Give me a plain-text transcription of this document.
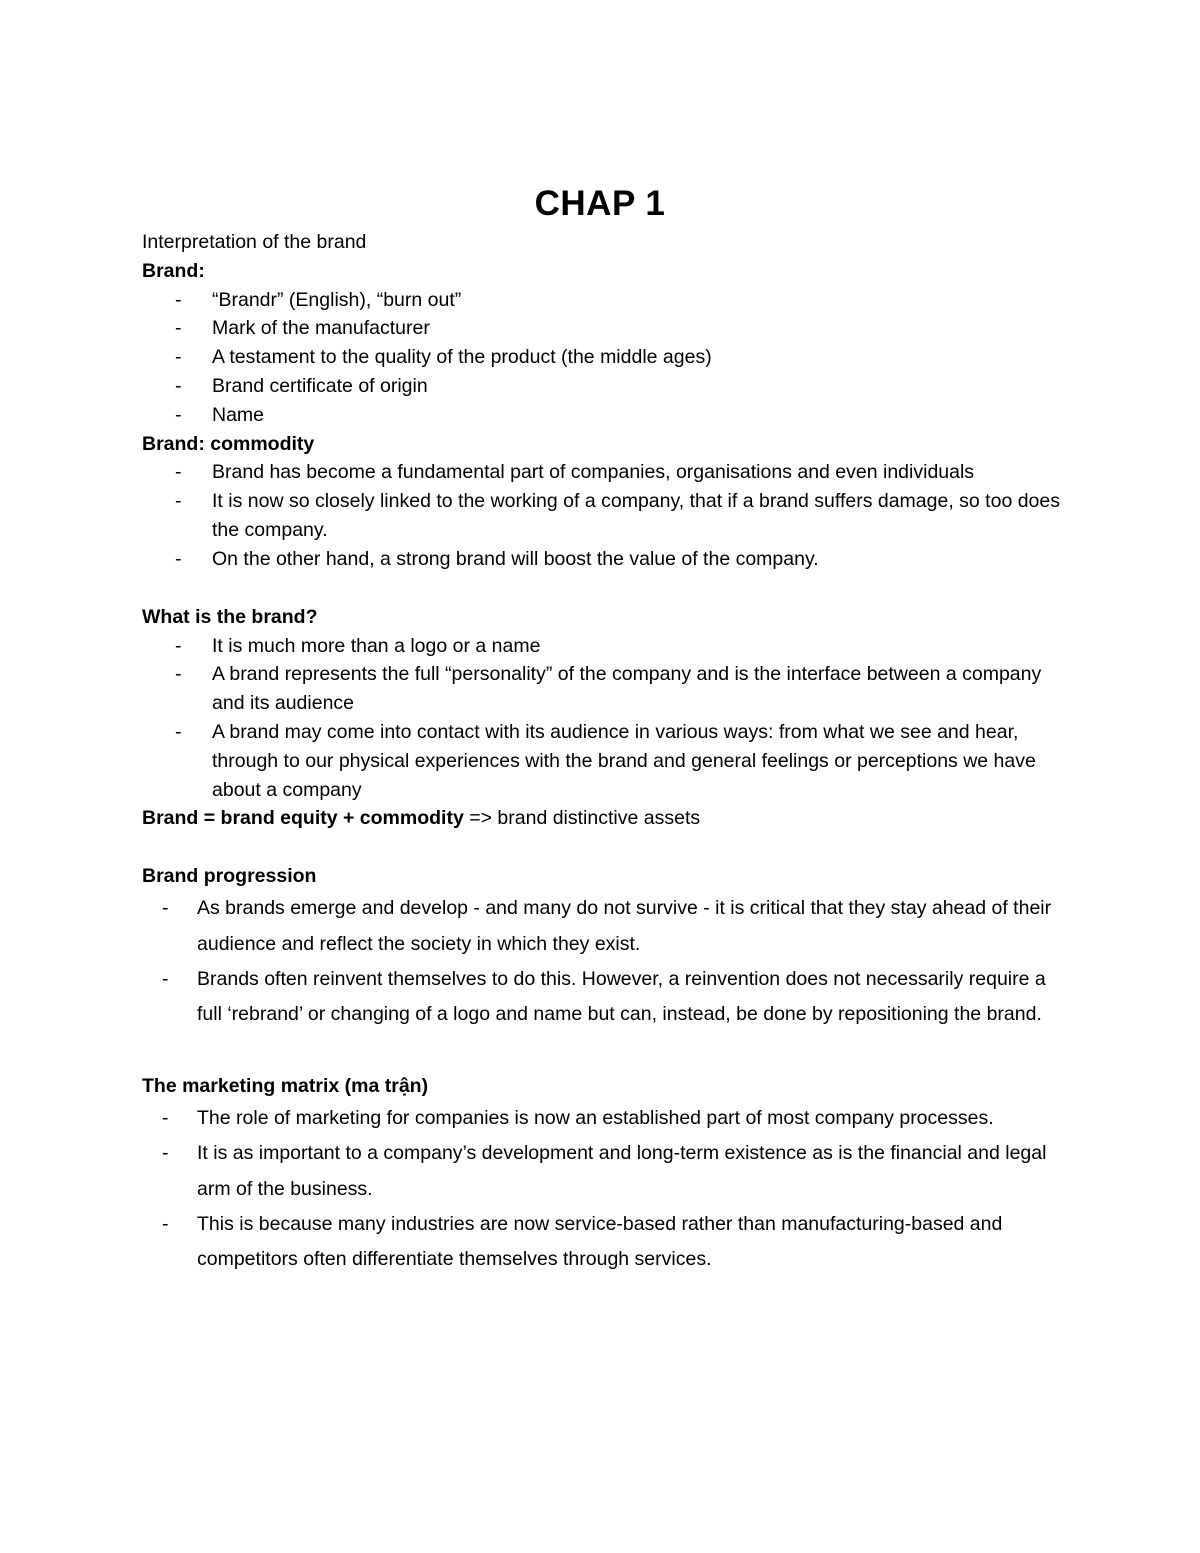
CHAP 1
Interpretation of the brand
Brand:
- “Brandr” (English), “burn out”
- Mark of the manufacturer
- A testament to the quality of the product (the middle ages)
- Brand certificate of origin
- Name
Brand: commodity
- Brand has become a fundamental part of companies, organisations and even individuals
- It is now so closely linked to the working of a company, that if a brand suffers damage, so too does the company.
- On the other hand, a strong brand will boost the value of the company.
What is the brand?
- It is much more than a logo or a name
- A brand represents the full “personality” of the company and is the interface between a company and its audience
- A brand may come into contact with its audience in various ways: from what we see and hear, through to our physical experiences with the brand and general feelings or perceptions we have about a company
Brand = brand equity + commodity => brand distinctive assets
Brand progression
- As brands emerge and develop - and many do not survive - it is critical that they stay ahead of their audience and reflect the society in which they exist.
- Brands often reinvent themselves to do this. However, a reinvention does not necessarily require a full ‘rebrand’ or changing of a logo and name but can, instead, be done by repositioning the brand.
The marketing matrix (ma trận)
- The role of marketing for companies is now an established part of most company processes.
- It is as important to a company’s development and long-term existence as is the financial and legal arm of the business.
- This is because many industries are now service-based rather than manufacturing-based and competitors often differentiate themselves through services.
